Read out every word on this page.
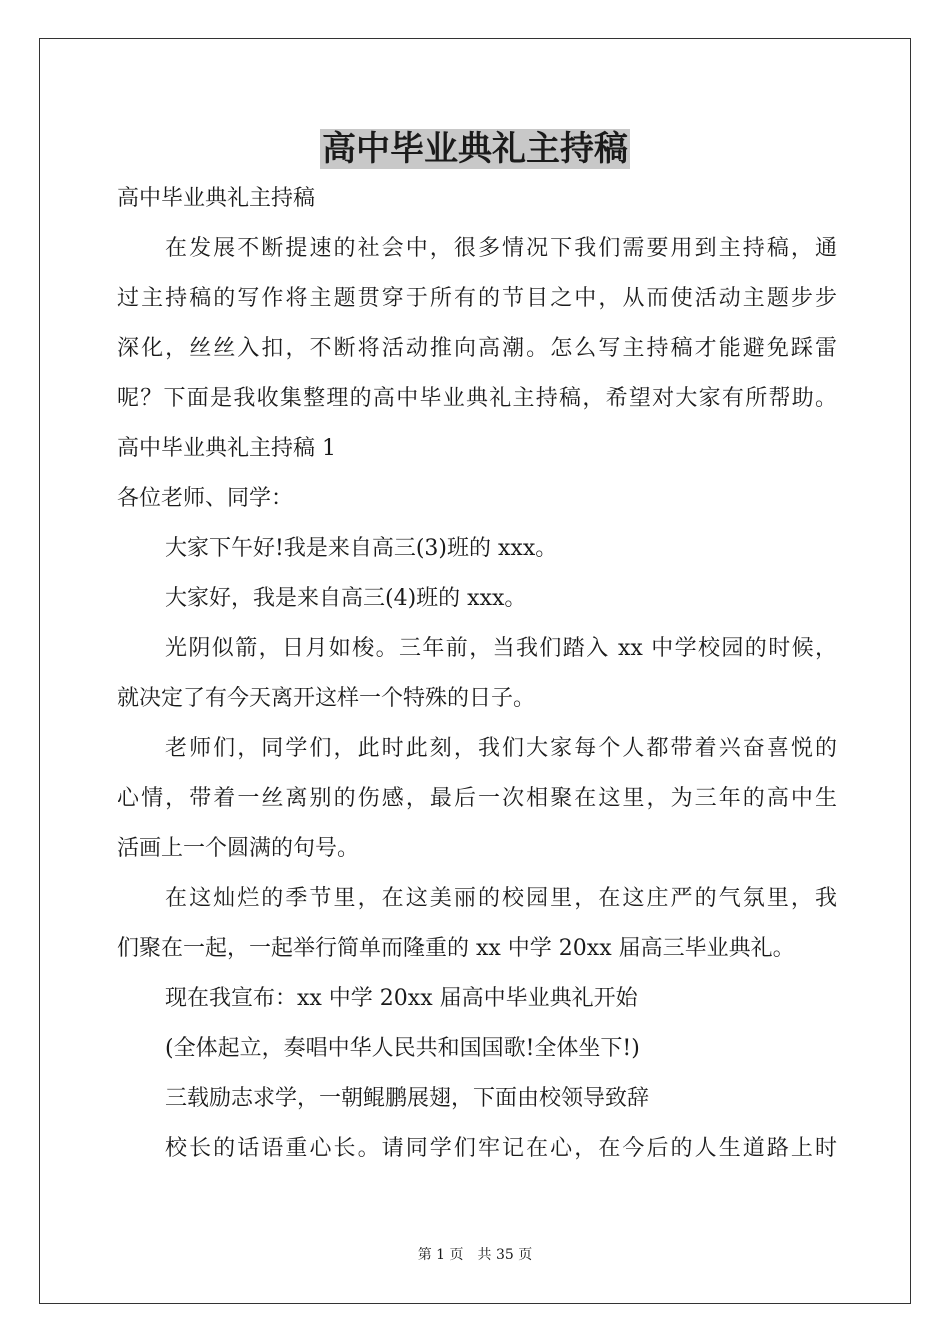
高中毕业典礼主持稿

高中毕业典礼主持稿

在发展不断提速的社会中，很多情况下我们需要用到主持稿，通

过主持稿的写作将主题贯穿于所有的节目之中，从而使活动主题步步

深化，丝丝入扣，不断将活动推向高潮。怎么写主持稿才能避免踩雷

呢？下面是我收集整理的高中毕业典礼主持稿，希望对大家有所帮助。

高中毕业典礼主持稿 1

各位老师、同学：

大家下午好!我是来自高三(3)班的 xxx。

大家好，我是来自高三(4)班的 xxx。

光阴似箭，日月如梭。三年前，当我们踏入 xx 中学校园的时候，

就决定了有今天离开这样一个特殊的日子。

老师们，同学们，此时此刻，我们大家每个人都带着兴奋喜悦的

心情，带着一丝离别的伤感，最后一次相聚在这里，为三年的高中生

活画上一个圆满的句号。

在这灿烂的季节里，在这美丽的校园里，在这庄严的气氛里，我

们聚在一起，一起举行简单而隆重的 xx 中学 20xx 届高三毕业典礼。

现在我宣布：xx 中学 20xx 届高中毕业典礼开始

(全体起立，奏唱中华人民共和国国歌!全体坐下!)

三载励志求学，一朝鲲鹏展翅，下面由校领导致辞

校长的话语重心长。请同学们牢记在心，在今后的人生道路上时

第 1 页 共 35 页
